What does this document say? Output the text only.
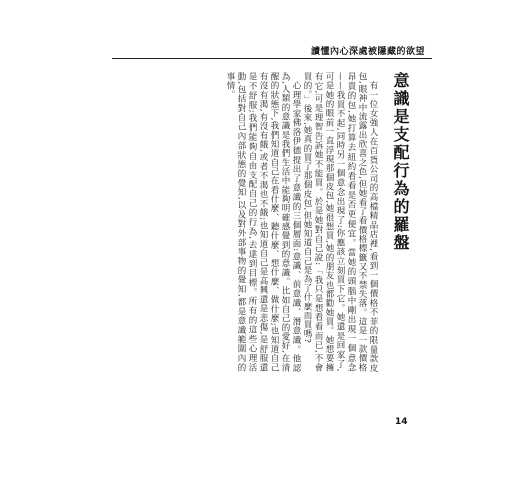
讀懂內心深處被隱藏的欲望
意識是支配行為的羅盤

有一位女強人在百貨公司的高檔精品店裡,看到一個價格不菲的限量款皮包,眼神中流露出欣喜之色,但她看了看價格標籤又不禁失落。這是一款價格昂貴的包,她打算去紐約看看是否更便宜。當她的頭腦中剛出現一個意念——我買不起,同時另一個意念出現了:你應該立刻買下它。她還是回家了,可是她的眼前一直浮現那個皮包,她很想買,她的朋友也都勸她買。她想要擁有它,可是理智告訴她不能買。於是她對自己說:「我只是想看看而已,不會買的。」後來,她真的買了那個皮包,但她知道自己是為了什麼而買嗎?

心理學家佛洛伊德提出了意識的三個層面:意識、前意識、潛意識。他認為,人類的意識是我們生活中能夠明確感覺到的意識。比如自己的愛好,在清醒的狀態下,我們知道自己在看什麼、聽什麼、想什麼、做什麼;也知道自己有沒有渴,有沒有餓,或者不渴也不餓;也知道自己是高興還是悲傷,是舒服還是不舒服;我們能夠自由支配自己的行為,去達到目標。所有的這些心理活動,包括對自己內部狀態的覺知,以及對外部事物的覺知,都是意識範圍內的事情。

14
